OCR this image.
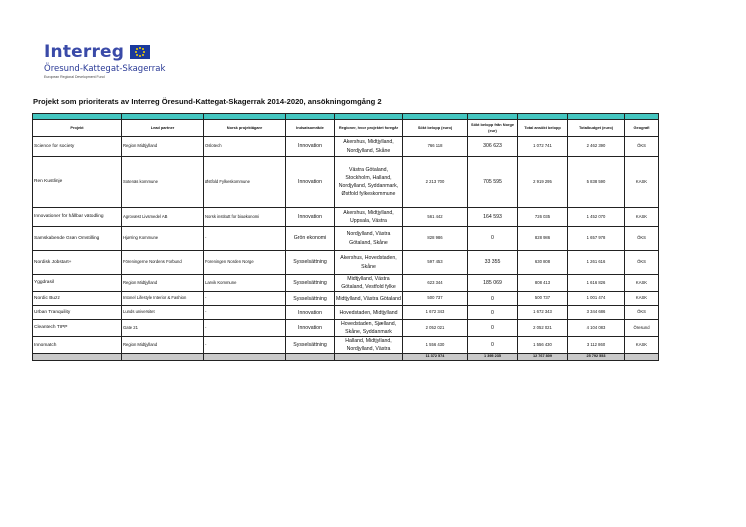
Interreg
Öresund-Kattegat-Skagerrak
European Regional Development Fund
Projekt som prioriterats av Interreg Öresund-Kattegat-Skagerrak 2014-2020, ansökningomgång 2

Projekt	Lead partner	Norsk projektägare	Indsatsområde	Regioner, hvor projektet foregår	Sökt belopp (euro)	Sökt belopp från Norge (eur)	Total ansökt belopp	Totalbudget (euro)	Geografi
Science for society	Region Midtjylland	Oslotech	Innovation	Akershus, Midtjylland, Nordjylland, Skåne	766 118	306 623	1 072 741	2 462 390	ÖKS
Ren Kustlinje	Sotenäs kommune	Østfold Fylkeskommune	Innovation	Västra Götaland, Stockholm, Halland, Nordjylland, Syddanmark, Østfold fylkeskommune	2 213 700	705 595	2 919 295	5 838 590	KASK
Innovationer för hållbar vätodling	Agrovæst Livsmedel AB	Norsk institutt for bioøkonomi	Innovation	Akershus, Midtjylland, Uppsala, Västra	561 442	164 593	726 035	1 452 070	KASK
Samskabende Grøn Omstilling	Hjørring Kommune	-	Grön ekonomi	Nordjylland, Västra Götaland, Skåne	828 986	0	828 986	1 657 978	ÖKS
Nordisk Jobstart+	Föreningerne Nordens Forbund	Foreningen Norden Norge	Sysselsättning	Akershus, Hovedstaden, Skåne	597 453	33 355	630 808	1 261 616	ÖKS
Yggdrasil	Region Midtjylland	Larvik Kommune	Sysselsättning	Midtjylland, Västra Götaland, Vestfold fylke	623 344	185 069	808 413	1 616 826	KASK
Nordic Buzz	Intonel Lifestyle Interior & Fashion	-	Sysselsättning	Midtjylland, Västra Götaland	500 737	0	500 737	1 001 474	KASK
Urban Tranquility	Lunds universitet	-	Innovation	Hovedstaden, Midtjylland	1 672 343	0	1 672 343	3 344 686	ÖKS
Cleantech TIPP	Gate 21	-	Innovation	Hovedstaden, Sjælland, Skåne, Syddanmark	2 052 021	0	2 052 021	4 104 083	Öresund
Innomatch	Region Midtjylland	-	Sysselsättning	Halland, Midtjylland, Nordjylland, Västra	1 556 430	0	1 556 430	3 112 860	KASK
					11 372 574	1 395 235	12 767 809	25 792 553	
